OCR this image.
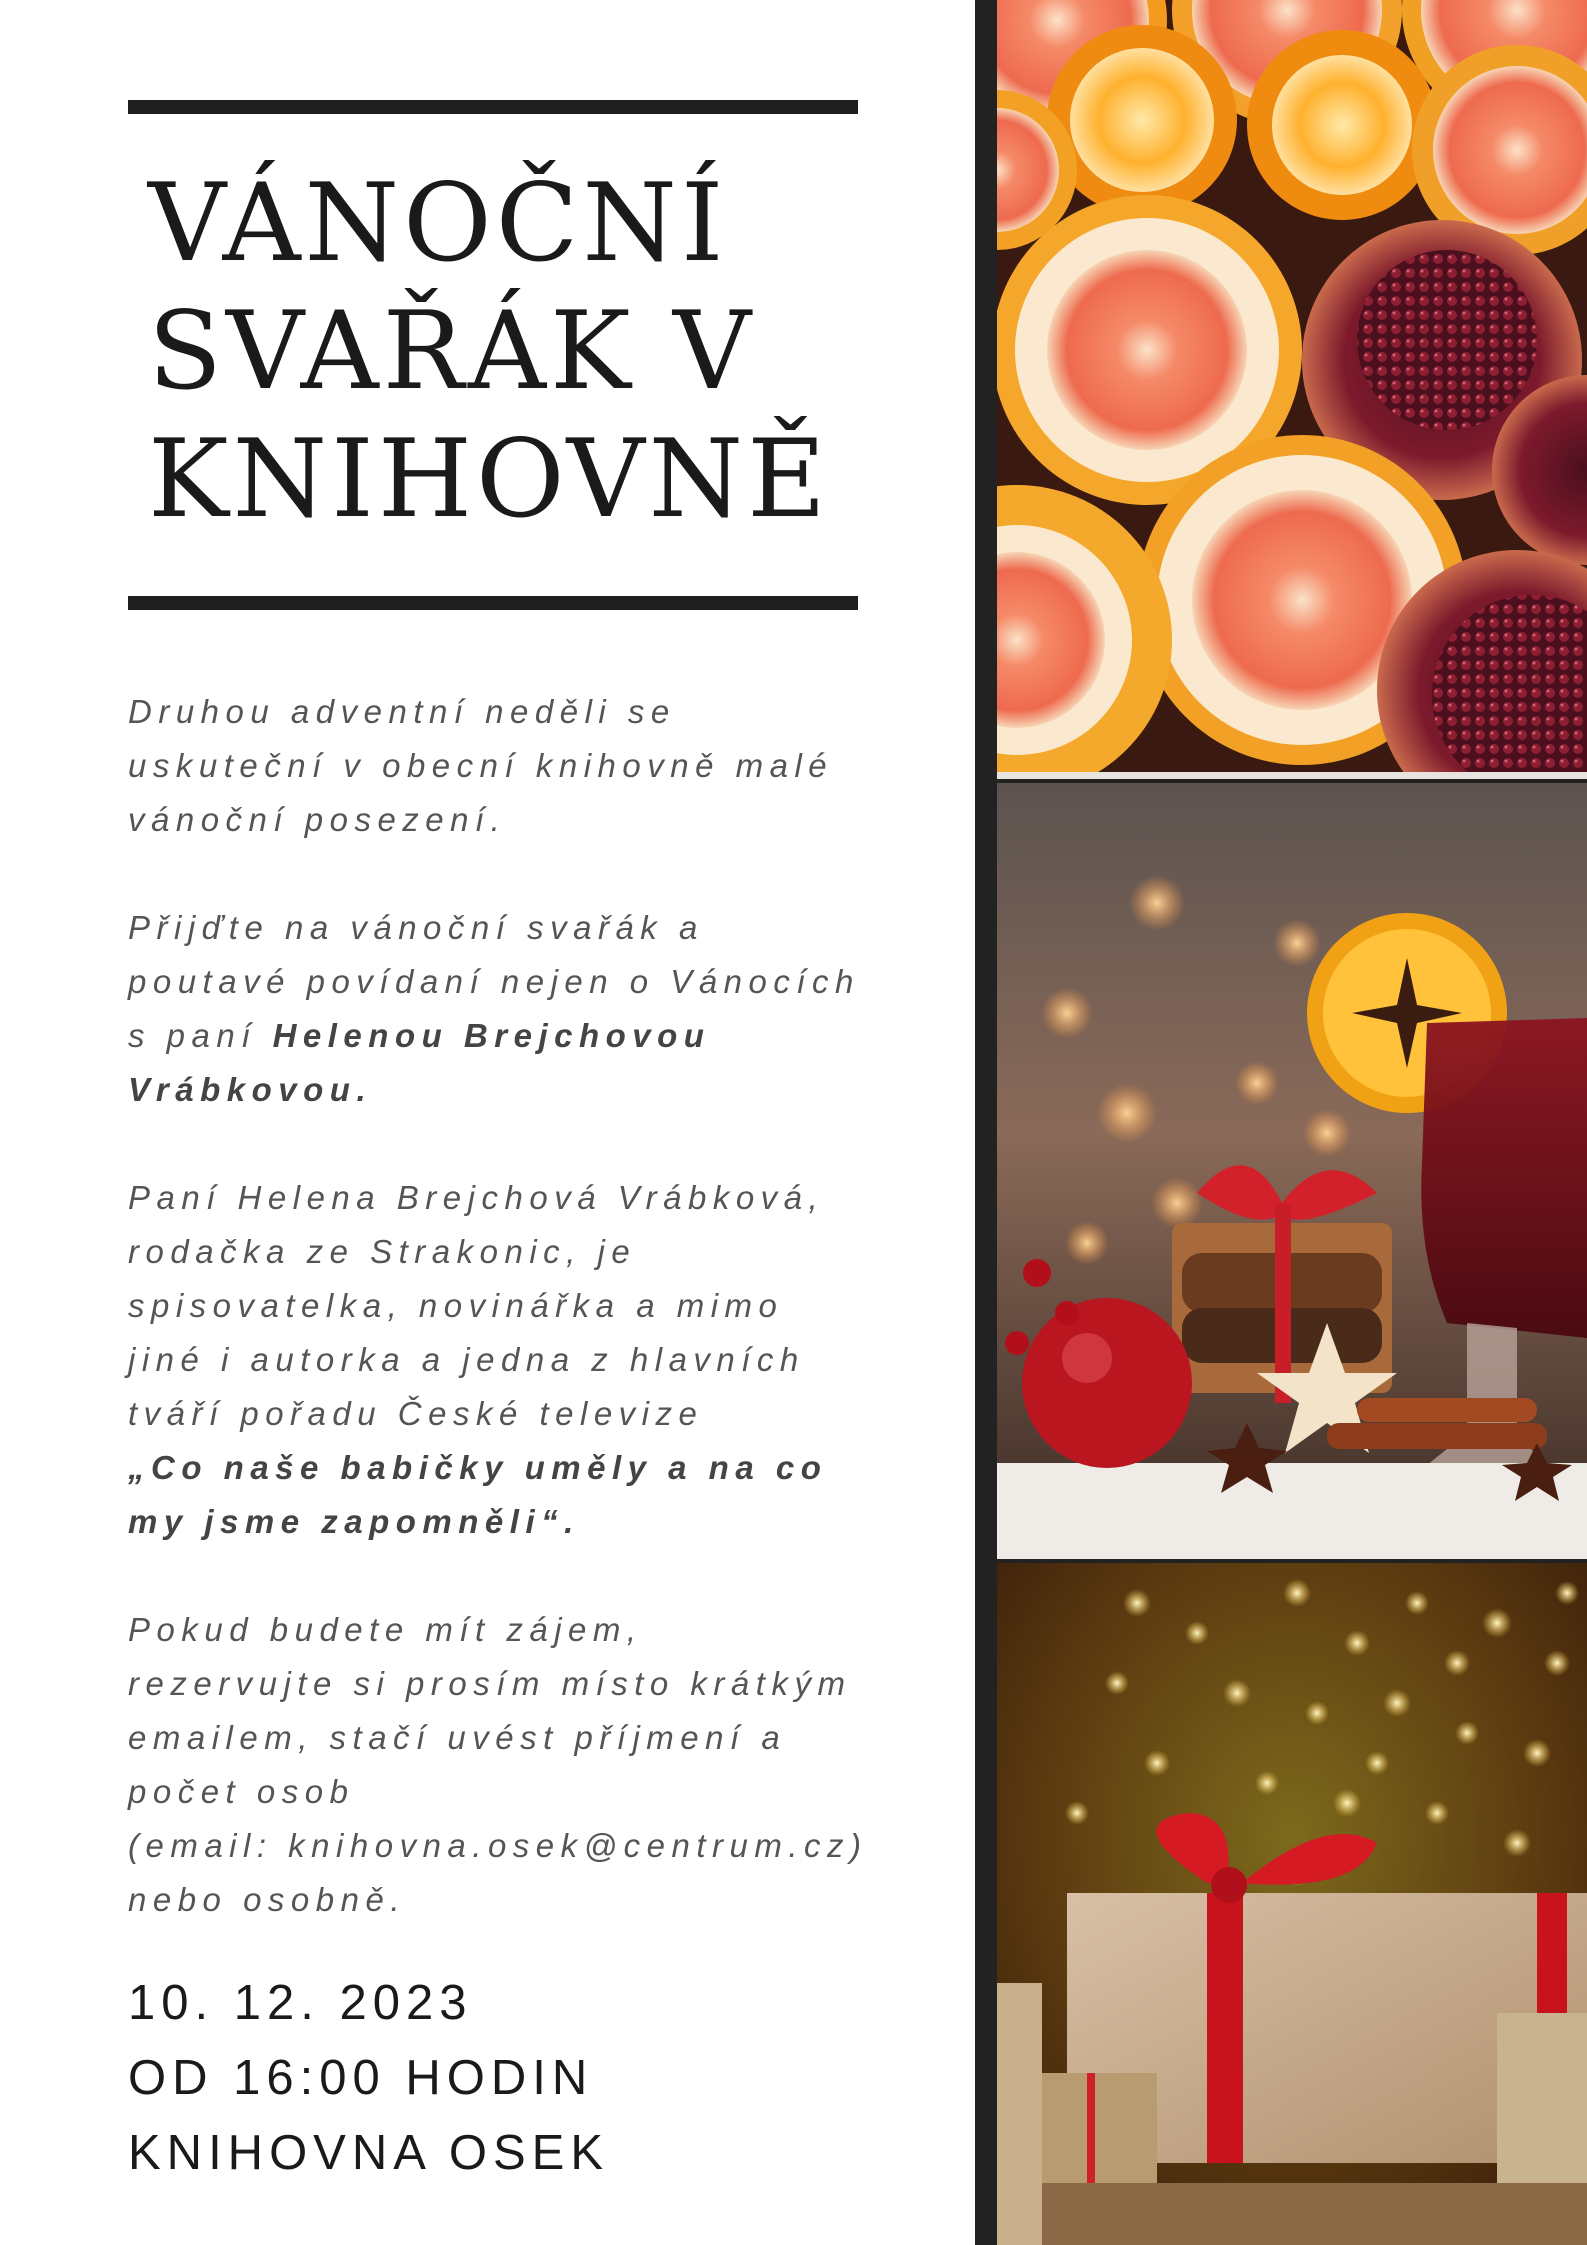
VÁNOČNÍ
SVAŘÁK V
KNIHOVNĚ

Druhou adventní neděli se
uskuteční v obecní knihovně malé
vánoční posezení.

Přijďte na vánoční svařák a
poutavé povídaní nejen o Vánocích
s paní Helenou Brejchovou
Vrábkovou.

Paní Helena Brejchová Vrábková,
rodačka ze Strakonic, je
spisovatelka, novinářka a mimo
jiné i autorka a jedna z hlavních
tváří pořadu České televize
„Co naše babičky uměly a na co
my jsme zapomněli“.

Pokud budete mít zájem,
rezervujte si prosím místo krátkým
emailem, stačí uvést příjmení a
počet osob
(email: knihovna.osek@centrum.cz)
nebo osobně.

10. 12. 2023
OD 16:00 HODIN
KNIHOVNA OSEK
